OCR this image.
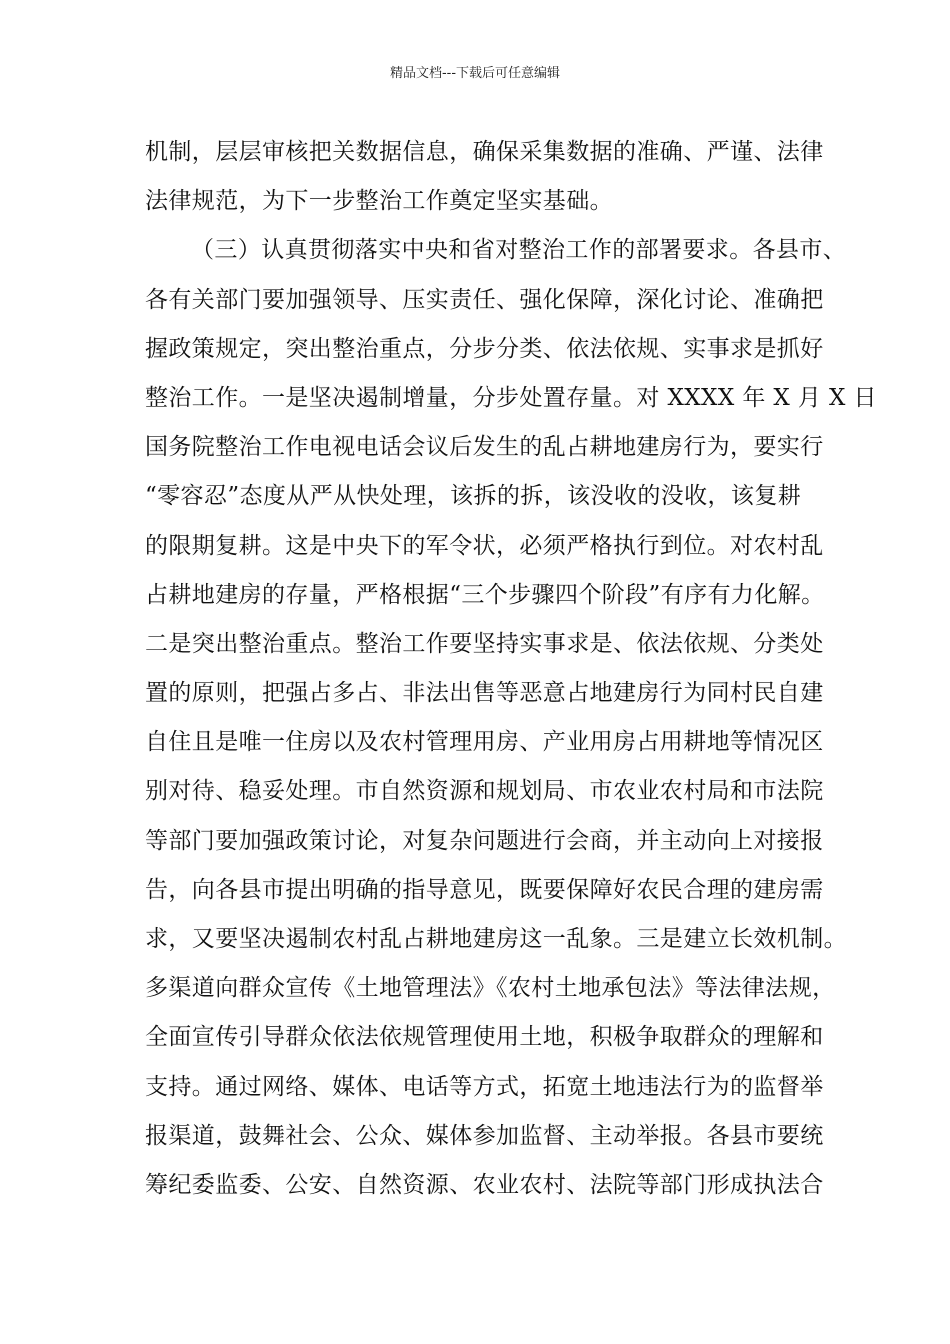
精品文档---下载后可任意编辑
机制，层层审核把关数据信息，确保采集数据的准确、严谨、法律
法律规范，为下一步整治工作奠定坚实基础。
（三）认真贯彻落实中央和省对整治工作的部署要求。各县市、
各有关部门要加强领导、压实责任、强化保障，深化讨论、准确把
握政策规定，突出整治重点，分步分类、依法依规、实事求是抓好
整治工作。一是坚决遏制增量，分步处置存量。对 XXXX 年 X 月 X 日
国务院整治工作电视电话会议后发生的乱占耕地建房行为，要实行
“零容忍”态度从严从快处理，该拆的拆，该没收的没收，该复耕
的限期复耕。这是中央下的军令状，必须严格执行到位。对农村乱
占耕地建房的存量，严格根据“三个步骤四个阶段”有序有力化解。
二是突出整治重点。整治工作要坚持实事求是、依法依规、分类处
置的原则，把强占多占、非法出售等恶意占地建房行为同村民自建
自住且是唯一住房以及农村管理用房、产业用房占用耕地等情况区
别对待、稳妥处理。市自然资源和规划局、市农业农村局和市法院
等部门要加强政策讨论，对复杂问题进行会商，并主动向上对接报
告，向各县市提出明确的指导意见，既要保障好农民合理的建房需
求，又要坚决遏制农村乱占耕地建房这一乱象。三是建立长效机制。
多渠道向群众宣传《土地管理法》《农村土地承包法》等法律法规，
全面宣传引导群众依法依规管理使用土地，积极争取群众的理解和
支持。通过网络、媒体、电话等方式，拓宽土地违法行为的监督举
报渠道，鼓舞社会、公众、媒体参加监督、主动举报。各县市要统
筹纪委监委、公安、自然资源、农业农村、法院等部门形成执法合
